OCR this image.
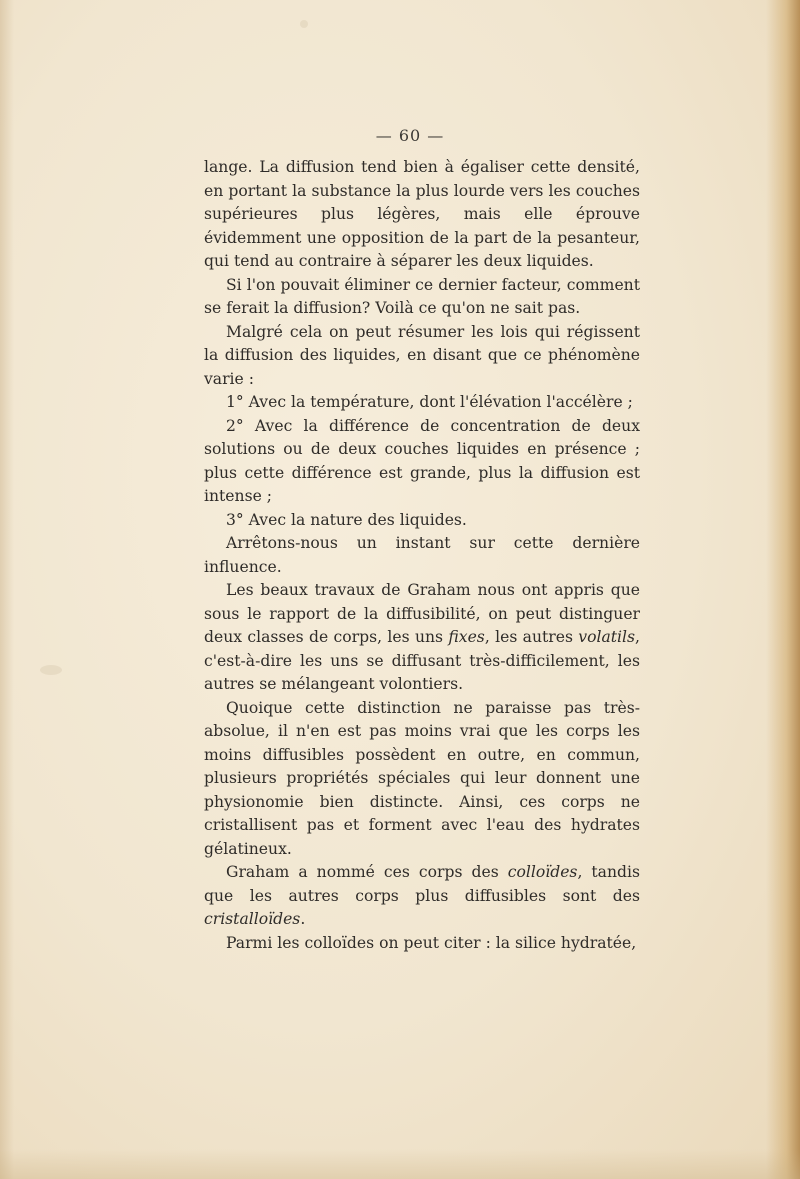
— 60 —

lange. La diffusion tend bien à égaliser cette densité, en portant la substance la plus lourde vers les couches supérieures plus légères, mais elle éprouve évidemment une opposition de la part de la pesanteur, qui tend au contraire à séparer les deux liquides.

Si l'on pouvait éliminer ce dernier facteur, comment se ferait la diffusion? Voilà ce qu'on ne sait pas.

Malgré cela on peut résumer les lois qui régissent la diffusion des liquides, en disant que ce phénomène varie :

1° Avec la température, dont l'élévation l'accélère ;

2° Avec la différence de concentration de deux solutions ou de deux couches liquides en présence ; plus cette différence est grande, plus la diffusion est intense ;

3° Avec la nature des liquides.

Arrêtons-nous un instant sur cette dernière influence.

Les beaux travaux de Graham nous ont appris que sous le rapport de la diffusibilité, on peut distinguer deux classes de corps, les uns fixes, les autres volatils, c'est-à-dire les uns se diffusant très-difficilement, les autres se mélangeant volontiers.

Quoique cette distinction ne paraisse pas très-absolue, il n'en est pas moins vrai que les corps les moins diffusibles possèdent en outre, en commun, plusieurs propriétés spéciales qui leur donnent une physionomie bien distincte. Ainsi, ces corps ne cristallisent pas et forment avec l'eau des hydrates gélatineux.

Graham a nommé ces corps des colloïdes, tandis que les autres corps plus diffusibles sont des cristalloïdes.

Parmi les colloïdes on peut citer : la silice hydratée,
